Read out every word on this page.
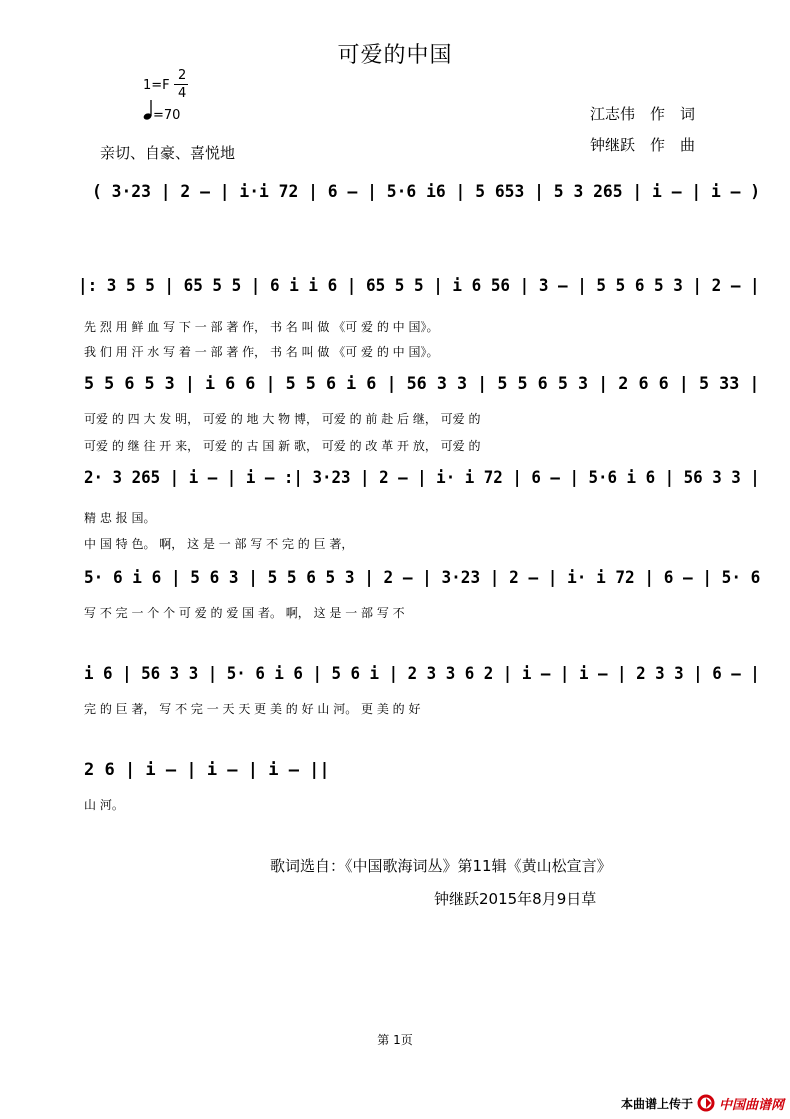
可爱的中国
1=F
2
4
=70
亲切、自豪、喜悦地
江志伟　作　词
钟继跃　作　曲
( 3·23 | 2 – | i·i 72 | 6 – | 5·6 i6 | 5 653 | 5 3 265 | i – | i – )
|: 3 5 5 | 65 5 5 | 6 i i 6 | 65 5 5 | i 6 56 | 3 – | 5 5 6 5 3 | 2 – |
先 烈 用 鲜 血 写 下 一 部 著 作， 书 名 叫 做 《可 爱 的 中 国》。
我 们 用 汗 水 写 着 一 部 著 作， 书 名 叫 做 《可 爱 的 中 国》。
5 5 6 5 3 | i 6 6 | 5 5 6 i 6 | 56 3 3 | 5 5 6 5 3 | 2 6 6 | 5 33 |
可爱 的 四 大 发 明， 可爱 的 地 大 物 博， 可爱 的 前 赴 后 继， 可爱 的
可爱 的 继 往 开 来， 可爱 的 古 国 新 歌， 可爱 的 改 革 开 放， 可爱 的
2· 3 265 | i – | i – :| 3·23 | 2 – | i· i 72 | 6 – | 5·6 i 6 | 56 3 3 |
精 忠 报 国。
中 国 特 色。 啊， 这 是 一 部 写 不 完 的 巨 著，
5· 6 i 6 | 5 6 3 | 5 5 6 5 3 | 2 – | 3·23 | 2 – | i· i 72 | 6 – | 5· 6
写 不 完 一 个 个 可 爱 的 爱 国 者。 啊， 这 是 一 部 写 不
i 6 | 56 3 3 | 5· 6 i 6 | 5 6 i | 2 3 3 6 2 | i – | i – | 2 3 3 | 6 – |
完 的 巨 著， 写 不 完 一 天 天 更 美 的 好 山 河。 更 美 的 好
2 6 | i – | i – | i – ||
山 河。
歌词选自：《中国歌海词丛》第11辑《黄山松宣言》
钟继跃2015年8月9日草
第 1页
本曲谱上传于 中国曲谱网
